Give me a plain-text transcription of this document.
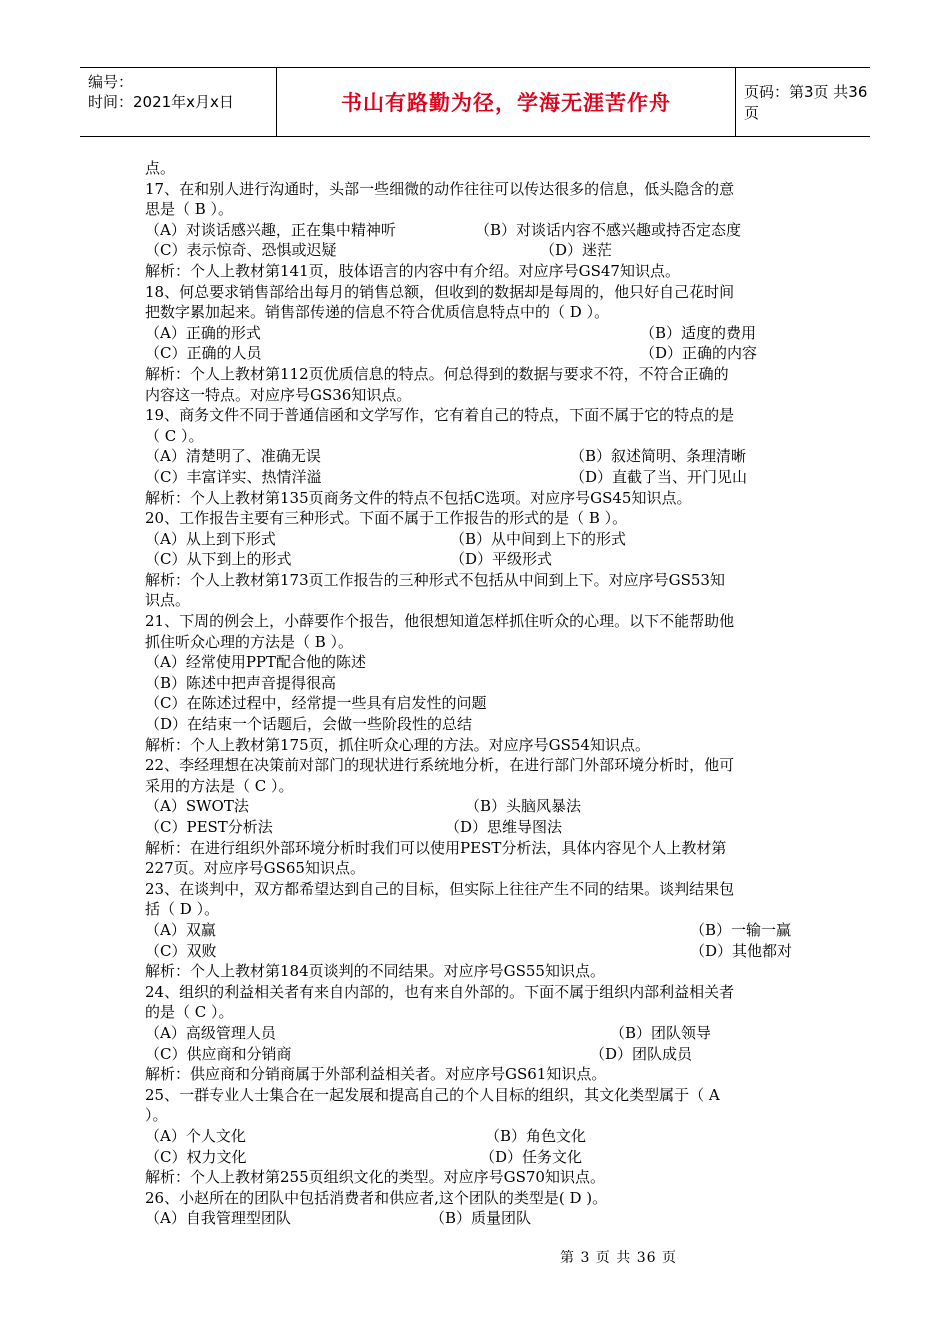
编号：
时间：2021年x月x日	书山有路勤为径，学海无涯苦作舟	页码：第3页 共36页
点。
17、在和别人进行沟通时，头部一些细微的动作往往可以传达很多的信息，低头隐含的意
思是（ B ）。
（A）对谈话感兴趣，正在集中精神听	（B）对谈话内容不感兴趣或持否定态度
（C）表示惊奇、恐惧或迟疑	（D）迷茫
解析：个人上教材第141页，肢体语言的内容中有介绍。对应序号GS47知识点。
18、何总要求销售部给出每月的销售总额，但收到的数据却是每周的，他只好自己花时间
把数字累加起来。销售部传递的信息不符合优质信息特点中的（ D ）。
（A）正确的形式	（B）适度的费用
（C）正确的人员	（D）正确的内容
解析：个人上教材第112页优质信息的特点。何总得到的数据与要求不符，不符合正确的
内容这一特点。对应序号GS36知识点。
19、商务文件不同于普通信函和文学写作，它有着自己的特点，下面不属于它的特点的是
（ C ）。
（A）清楚明了、准确无误	（B）叙述简明、条理清晰
（C）丰富详实、热情洋溢	（D）直截了当、开门见山
解析：个人上教材第135页商务文件的特点不包括C选项。对应序号GS45知识点。
20、工作报告主要有三种形式。下面不属于工作报告的形式的是（ B ）。
（A）从上到下形式	（B）从中间到上下的形式
（C）从下到上的形式	（D）平级形式
解析：个人上教材第173页工作报告的三种形式不包括从中间到上下。对应序号GS53知
识点。
21、下周的例会上，小薛要作个报告，他很想知道怎样抓住听众的心理。以下不能帮助他
抓住听众心理的方法是（ B ）。
（A）经常使用PPT配合他的陈述
（B）陈述中把声音提得很高
（C）在陈述过程中，经常提一些具有启发性的问题
（D）在结束一个话题后，会做一些阶段性的总结
解析：个人上教材第175页，抓住听众心理的方法。对应序号GS54知识点。
22、李经理想在决策前对部门的现状进行系统地分析，在进行部门外部环境分析时，他可
采用的方法是（ C ）。
（A）SWOT法	（B）头脑风暴法
（C）PEST分析法	（D）思维导图法
解析：在进行组织外部环境分析时我们可以使用PEST分析法，具体内容见个人上教材第
227页。对应序号GS65知识点。
23、在谈判中，双方都希望达到自己的目标，但实际上往往产生不同的结果。谈判结果包
括（ D ）。
（A）双赢	（B）一输一赢
（C）双败	（D）其他都对
解析：个人上教材第184页谈判的不同结果。对应序号GS55知识点。
24、组织的利益相关者有来自内部的，也有来自外部的。下面不属于组织内部利益相关者
的是（ C ）。
（A）高级管理人员	（B）团队领导
（C）供应商和分销商	（D）团队成员
解析：供应商和分销商属于外部利益相关者。对应序号GS61知识点。
25、一群专业人士集合在一起发展和提高自己的个人目标的组织，其文化类型属于（ A
）。
（A）个人文化	（B）角色文化
（C）权力文化	（D）任务文化
解析：个人上教材第255页组织文化的类型。对应序号GS70知识点。
26、小赵所在的团队中包括消费者和供应者,这个团队的类型是( D )。
（A）自我管理型团队	（B）质量团队
第 3 页 共 36 页
